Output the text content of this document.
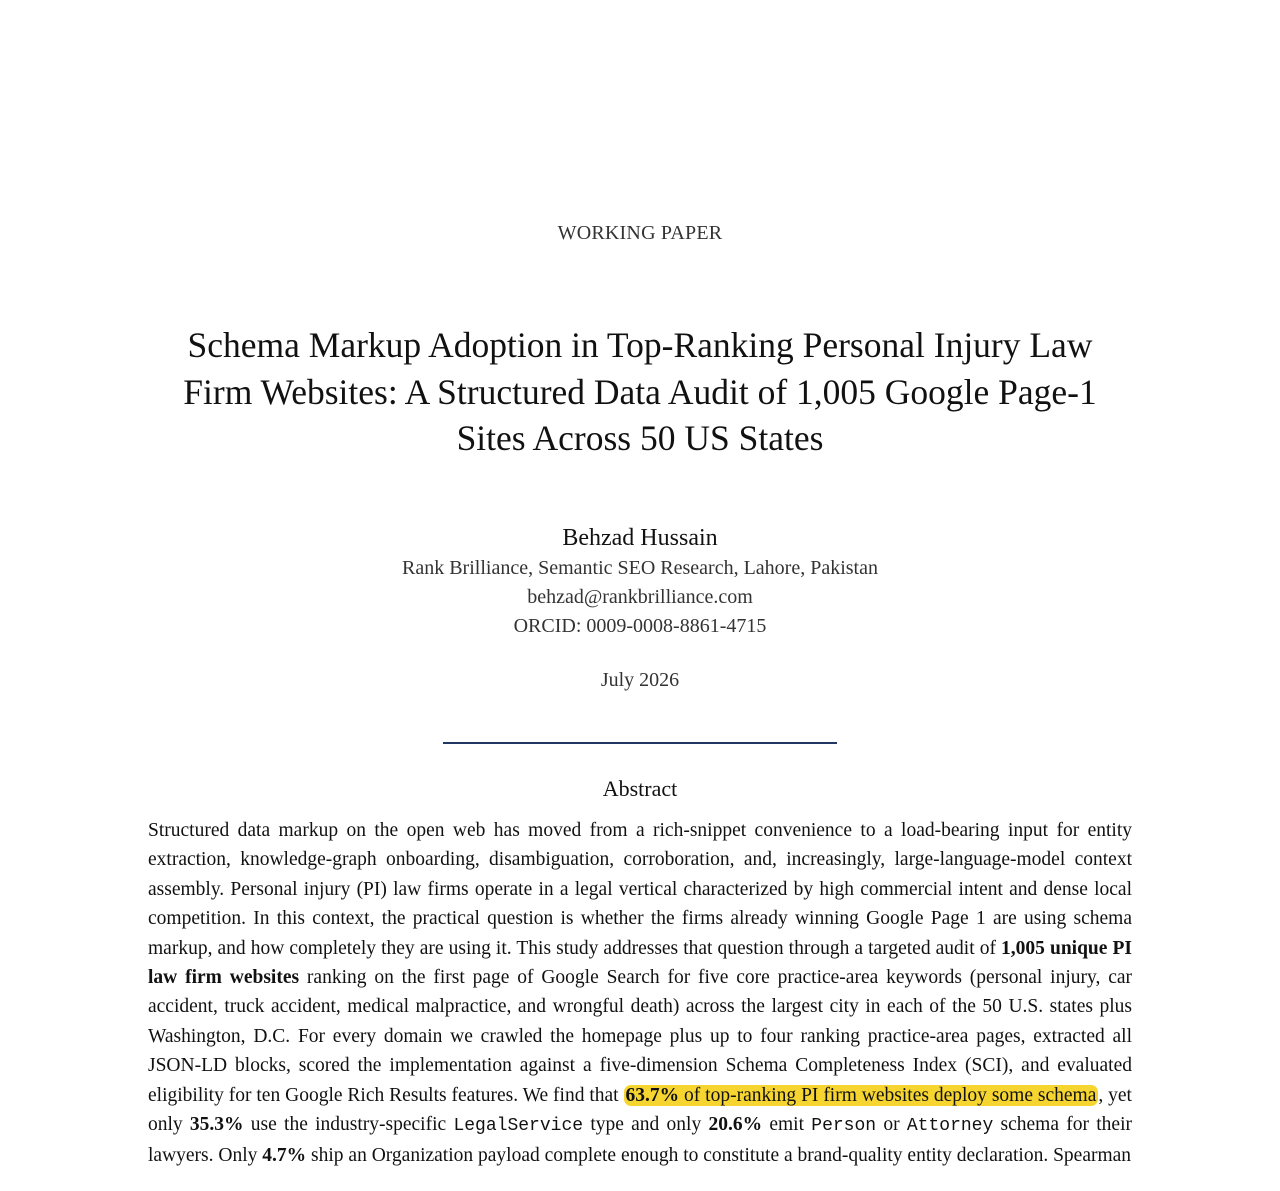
WORKING PAPER
Schema Markup Adoption in Top-Ranking Personal Injury Law Firm Websites: A Structured Data Audit of 1,005 Google Page-1 Sites Across 50 US States
Behzad Hussain
Rank Brilliance, Semantic SEO Research, Lahore, Pakistan
behzad@rankbrilliance.com
ORCID: 0009-0008-8861-4715
July 2026
Abstract
Structured data markup on the open web has moved from a rich-snippet convenience to a load-bearing input for entity extraction, knowledge-graph onboarding, disambiguation, corroboration, and, increasingly, large-language-model context assembly. Personal injury (PI) law firms operate in a legal vertical characterized by high commercial intent and dense local competition. In this context, the practical question is whether the firms already winning Google Page 1 are using schema markup, and how completely they are using it. This study addresses that question through a targeted audit of 1,005 unique PI law firm websites ranking on the first page of Google Search for five core practice-area keywords (personal injury, car accident, truck accident, medical malpractice, and wrongful death) across the largest city in each of the 50 U.S. states plus Washington, D.C. For every domain we crawled the homepage plus up to four ranking practice-area pages, extracted all JSON-LD blocks, scored the implementation against a five-dimension Schema Completeness Index (SCI), and evaluated eligibility for ten Google Rich Results features. We find that 63.7% of top-ranking PI firm websites deploy some schema , yet only 35.3% use the industry-specific LegalService type and only 20.6% emit Person or Attorney schema for their lawyers. Only 4.7% ship an Organization payload complete enough to constitute a brand-quality entity declaration. Spearman
